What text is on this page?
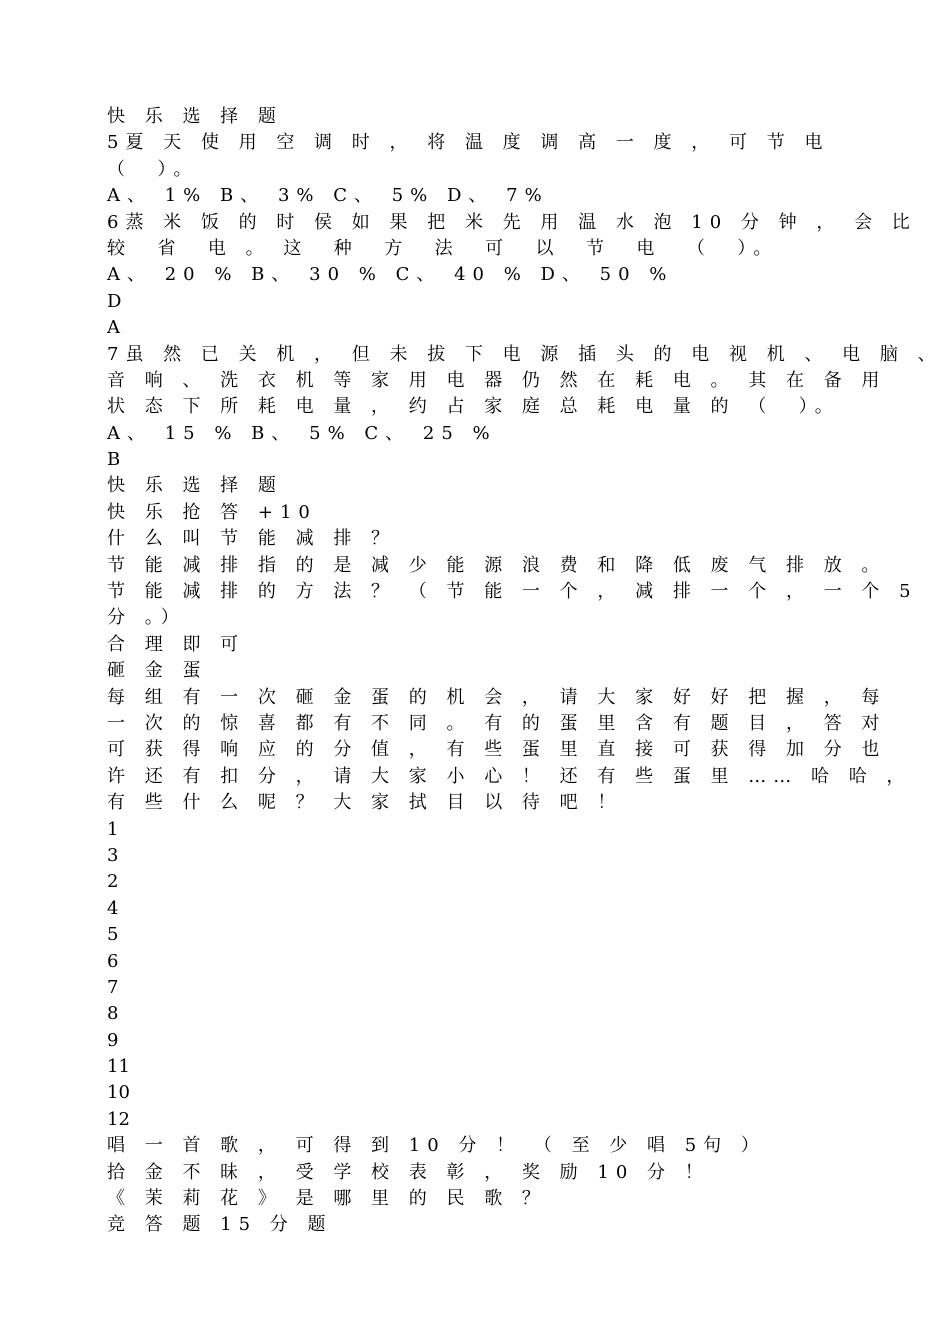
快 乐 选 择 题
5夏 天 使 用 空 调 时 ， 将 温 度 调 高 一 度 ， 可 节 电
（  ）。
A、 1% B、 3% C、 5% D、 7%
6蒸 米 饭 的 时 侯 如 果 把 米 先 用 温 水 泡 10 分 钟 ， 会 比
较  省  电 。 这  种  方  法  可  以  节  电  （  ）。
A、 20 % B、 30 % C、 40 % D、 50 %
D
A
7虽 然 已 关 机 ， 但 未 拔 下 电 源 插 头 的 电 视 机 、 电 脑 、
音 响 、 洗 衣 机 等 家 用 电 器 仍 然 在 耗 电 。 其 在 备 用
状 态 下 所 耗 电 量 ， 约 占 家 庭 总 耗 电 量 的 （  ）。
A、 15 % B、 5% C、 25 %
B
快 乐 选 择 题
快 乐 抢 答 +10
什 么 叫 节 能 减 排 ？
节 能 减 排 指 的 是 减 少 能 源 浪 费 和 降 低 废 气 排 放 。
节 能 减 排 的 方 法 ？ （ 节 能 一 个 ， 减 排 一 个 ， 一 个 5
分 。）
合 理 即 可
砸 金 蛋
每 组 有 一 次 砸 金 蛋 的 机 会 ， 请 大 家 好 好 把 握 ， 每
一 次 的 惊 喜 都 有 不 同 。 有 的 蛋 里 含 有 题 目 ， 答 对
可 获 得 响 应 的 分 值 ， 有 些 蛋 里 直 接 可 获 得 加 分 也
许 还 有 扣 分 ， 请 大 家 小 心 ！ 还 有 些 蛋 里 …… 哈 哈 ，
有 些 什 么 呢 ？ 大 家 拭 目 以 待 吧 ！
1
3
2
4
5
6
7
8
9
11
10
12
唱 一 首 歌 ， 可 得 到 10 分 ！ （ 至 少 唱 5句 ）
拾 金 不 昧 ， 受 学 校 表 彰 ， 奖 励 10 分 ！
《 茉 莉 花 》 是 哪 里 的 民 歌 ？
竞 答 题 15 分 题
